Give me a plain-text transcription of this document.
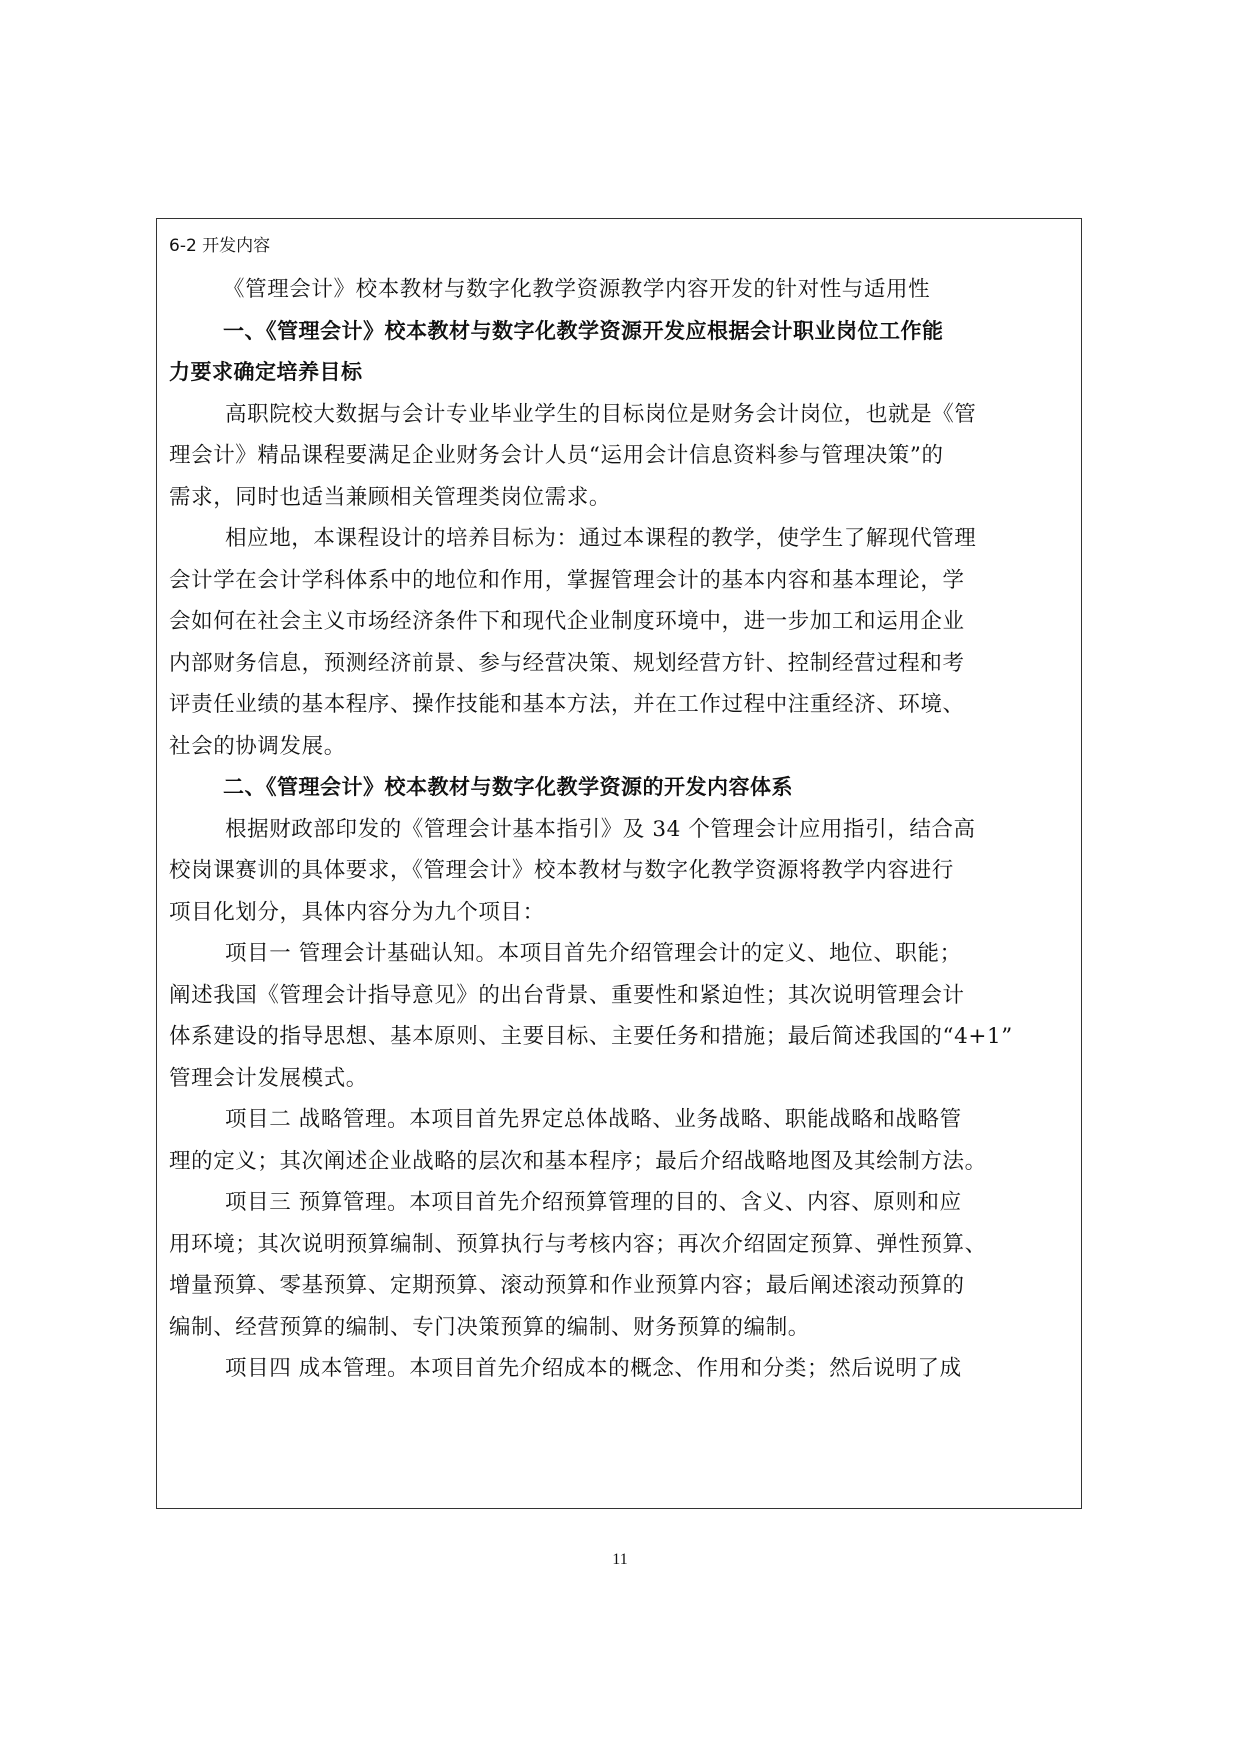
6-2 开发内容
《管理会计》校本教材与数字化教学资源教学内容开发的针对性与适用性
一、《管理会计》校本教材与数字化教学资源开发应根据会计职业岗位工作能
力要求确定培养目标
高职院校大数据与会计专业毕业学生的目标岗位是财务会计岗位，也就是《管
理会计》精品课程要满足企业财务会计人员“运用会计信息资料参与管理决策”的
需求，同时也适当兼顾相关管理类岗位需求。
相应地，本课程设计的培养目标为：通过本课程的教学，使学生了解现代管理
会计学在会计学科体系中的地位和作用，掌握管理会计的基本内容和基本理论，学
会如何在社会主义市场经济条件下和现代企业制度环境中，进一步加工和运用企业
内部财务信息，预测经济前景、参与经营决策、规划经营方针、控制经营过程和考
评责任业绩的基本程序、操作技能和基本方法，并在工作过程中注重经济、环境、
社会的协调发展。
二、《管理会计》校本教材与数字化教学资源的开发内容体系
根据财政部印发的《管理会计基本指引》及 34 个管理会计应用指引，结合高
校岗课赛训的具体要求，《管理会计》校本教材与数字化教学资源将教学内容进行
项目化划分，具体内容分为九个项目：
项目一 管理会计基础认知。本项目首先介绍管理会计的定义、地位、职能；
阐述我国《管理会计指导意见》的出台背景、重要性和紧迫性；其次说明管理会计
体系建设的指导思想、基本原则、主要目标、主要任务和措施；最后简述我国的“4+1”
管理会计发展模式。
项目二 战略管理。本项目首先界定总体战略、业务战略、职能战略和战略管
理的定义；其次阐述企业战略的层次和基本程序；最后介绍战略地图及其绘制方法。
项目三 预算管理。本项目首先介绍预算管理的目的、含义、内容、原则和应
用环境；其次说明预算编制、预算执行与考核内容；再次介绍固定预算、弹性预算、
增量预算、零基预算、定期预算、滚动预算和作业预算内容；最后阐述滚动预算的
编制、经营预算的编制、专门决策预算的编制、财务预算的编制。
项目四 成本管理。本项目首先介绍成本的概念、作用和分类；然后说明了成
11
